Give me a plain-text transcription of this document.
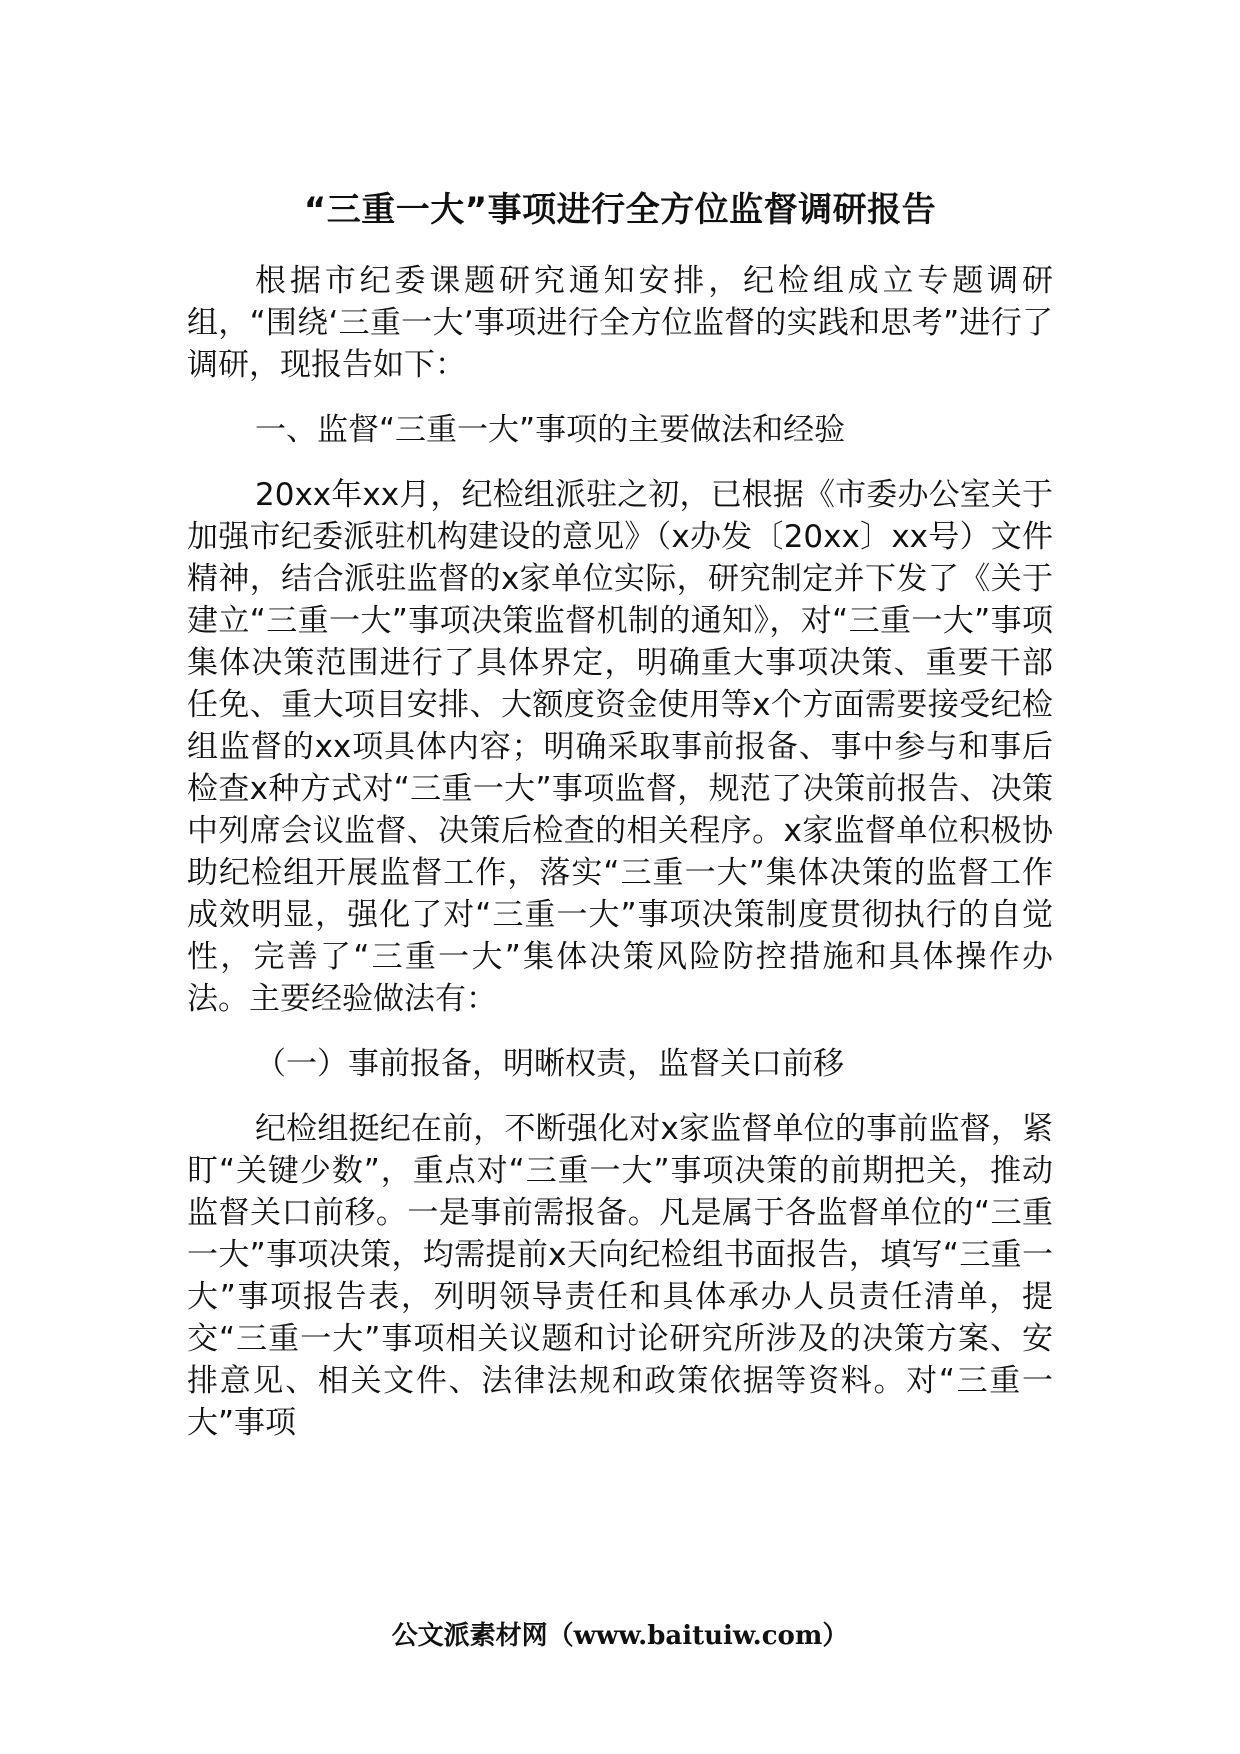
“三重一大”事项进行全方位监督调研报告

根据市纪委课题研究通知安排，纪检组成立专题调研组，“围绕‘三重一大’事项进行全方位监督的实践和思考”进行了调研，现报告如下：

一、监督“三重一大”事项的主要做法和经验

20xx年xx月，纪检组派驻之初，已根据《市委办公室关于加强市纪委派驻机构建设的意见》（x办发〔20xx〕xx号）文件精神，结合派驻监督的x家单位实际，研究制定并下发了《关于建立“三重一大”事项决策监督机制的通知》，对“三重一大”事项集体决策范围进行了具体界定，明确重大事项决策、重要干部任免、重大项目安排、大额度资金使用等x个方面需要接受纪检组监督的xx项具体内容；明确采取事前报备、事中参与和事后检查x种方式对“三重一大”事项监督，规范了决策前报告、决策中列席会议监督、决策后检查的相关程序。x家监督单位积极协助纪检组开展监督工作，落实“三重一大”集体决策的监督工作成效明显，强化了对“三重一大”事项决策制度贯彻执行的自觉性，完善了“三重一大”集体决策风险防控措施和具体操作办法。主要经验做法有：

（一）事前报备，明晰权责，监督关口前移

纪检组挺纪在前，不断强化对x家监督单位的事前监督，紧盯“关键少数”，重点对“三重一大”事项决策的前期把关，推动监督关口前移。一是事前需报备。凡是属于各监督单位的“三重一大”事项决策，均需提前x天向纪检组书面报告，填写“三重一大”事项报告表，列明领导责任和具体承办人员责任清单，提交“三重一大”事项相关议题和讨论研究所涉及的决策方案、安排意见、相关文件、法律法规和政策依据等资料。对“三重一大”事项

公文派素材网（www.baituiw.com）
